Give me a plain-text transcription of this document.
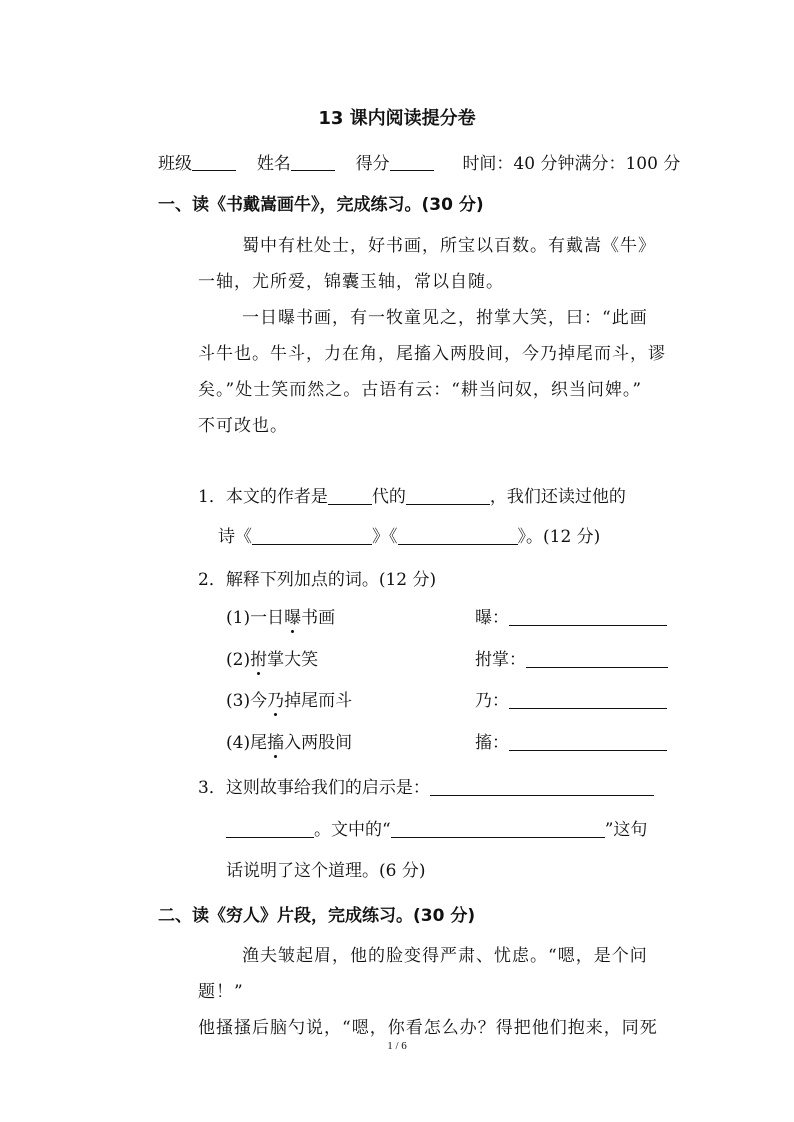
13 课内阅读提分卷
班级	姓名	得分	时间：40 分钟满分：100 分
一、读《书戴嵩画牛》，完成练习。(30 分)
蜀中有杜处士，好书画，所宝以百数。有戴嵩《牛》
一轴，尤所爱，锦囊玉轴，常以自随。
一日曝书画，有一牧童见之，拊掌大笑，曰：“此画
斗牛也。牛斗，力在角，尾搐入两股间，今乃掉尾而斗，谬
矣。”处士笑而然之。古语有云：“耕当问奴，织当问婢。”
不可改也。
1．本文的作者是	代的	，我们还读过他的
诗《	》《	》。(12 分)
2．解释下列加点的词。(12 分)
(1)一日曝书画	曝：
(2)拊掌大笑	拊掌：
(3)今乃掉尾而斗	乃：
(4)尾搐入两股间	搐：
3．这则故事给我们的启示是：
。文中的“	”这句
话说明了这个道理。(6 分)
二、读《穷人》片段，完成练习。(30 分)
渔夫皱起眉，他的脸变得严肃、忧虑。“嗯，是个问题！”
他搔搔后脑勺说，“嗯，你看怎么办？得把他们抱来，同死
1 / 6
